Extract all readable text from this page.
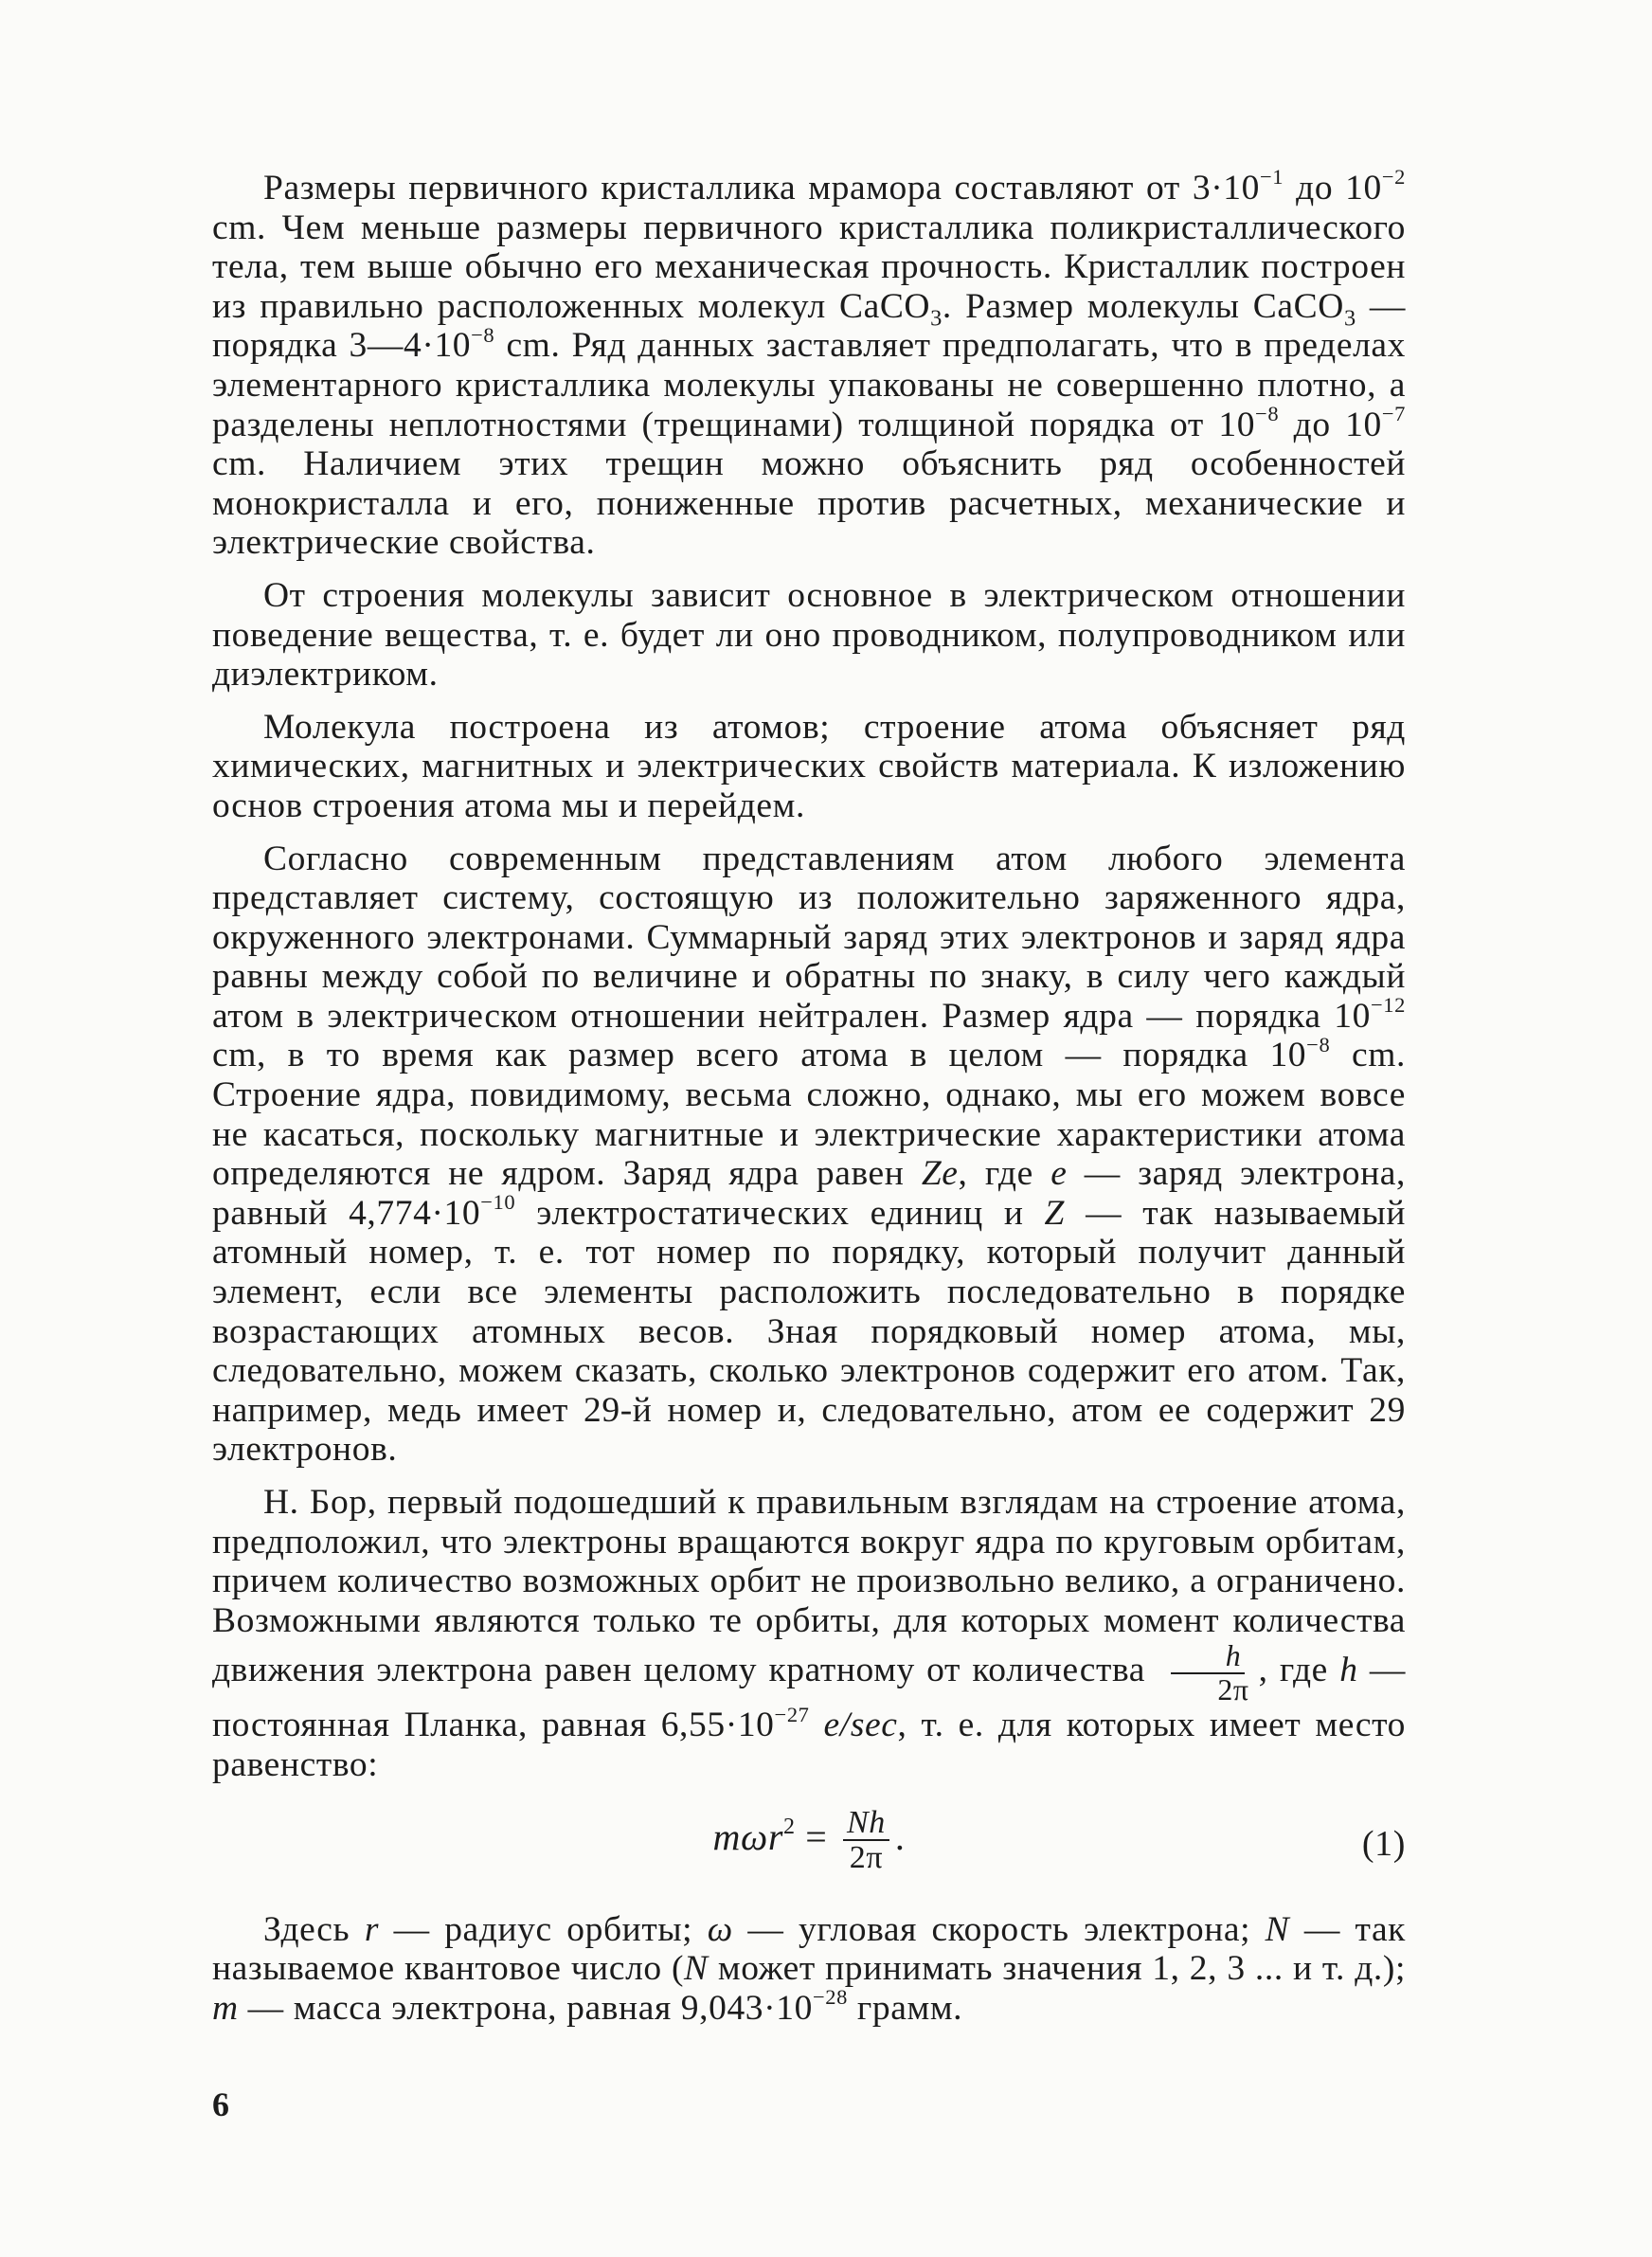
Размеры первичного кристаллика мрамора составляют от $3\cdot 10^{-1}$ до $10^{-2}$ cm. Чем меньше размеры первичного кристаллика поликристаллического тела, тем выше обычно его механическая прочность. Кристаллик построен из правильно расположенных молекул CaCO$_3$. Размер молекулы CaCO$_3$ — порядка $3—4\cdot 10^{-8}$ cm. Ряд данных заставляет предполагать, что в пределах элементарного кристаллика молекулы упакованы не совершенно плотно, а разделены неплотностями (трещинами) толщиной порядка от $10^{-8}$ до $10^{-7}$ cm. Наличием этих трещин можно объяснить ряд особенностей монокристалла и его, пониженные против расчетных, механические и электрические свойства.

От строения молекулы зависит основное в электрическом отношении поведение вещества, т. е. будет ли оно проводником, полупроводником или диэлектриком.

Молекула построена из атомов; строение атома объясняет ряд химических, магнитных и электрических свойств материала. К изложению основ строения атома мы и перейдем.

Согласно современным представлениям атом любого элемента представляет систему, состоящую из положительно заряженного ядра, окруженного электронами. Суммарный заряд этих электронов и заряд ядра равны между собой по величине и обратны по знаку, в силу чего каждый атом в электрическом отношении нейтрален. Размер ядра — порядка $10^{-12}$ cm, в то время как размер всего атома в целом — порядка $10^{-8}$ cm. Строение ядра, повидимому, весьма сложно, однако, мы его можем вовсе не касаться, поскольку магнитные и электрические характеристики атома определяются не ядром. Заряд ядра равен Ze, где e — заряд электрона, равный $4,774\cdot 10^{-10}$ электростатических единиц и Z — так называемый атомный номер, т. е. тот номер по порядку, который получит данный элемент, если все элементы расположить последовательно в порядке возрастающих атомных весов. Зная порядковый номер атома, мы, следовательно, можем сказать, сколько электронов содержит его атом. Так, например, медь имеет 29-й номер и, следовательно, атом ее содержит 29 электронов.

Н. Бор, первый подошедший к правильным взглядам на строение атома, предположил, что электроны вращаются вокруг ядра по круговым орбитам, причем количество возможных орбит не произвольно велико, а ограничено. Возможными являются только те орбиты, для которых момент количества движения электрона равен целому кратному от количества $\frac{h}{2\pi}$ , где h — постоянная Планка, равная $6,55\cdot 10^{-27}$ e/sec, т. е. для которых имеет место равенство:

$m\omega r^2 = \frac{Nh}{2\pi}$ .	(1)

Здесь r — радиус орбиты; ω — угловая скорость электрона; N — так называемое квантовое число (N может принимать значения 1, 2, 3 ... и т. д.); m — масса электрона, равная $9,043\cdot 10^{-28}$ грамм.

6
